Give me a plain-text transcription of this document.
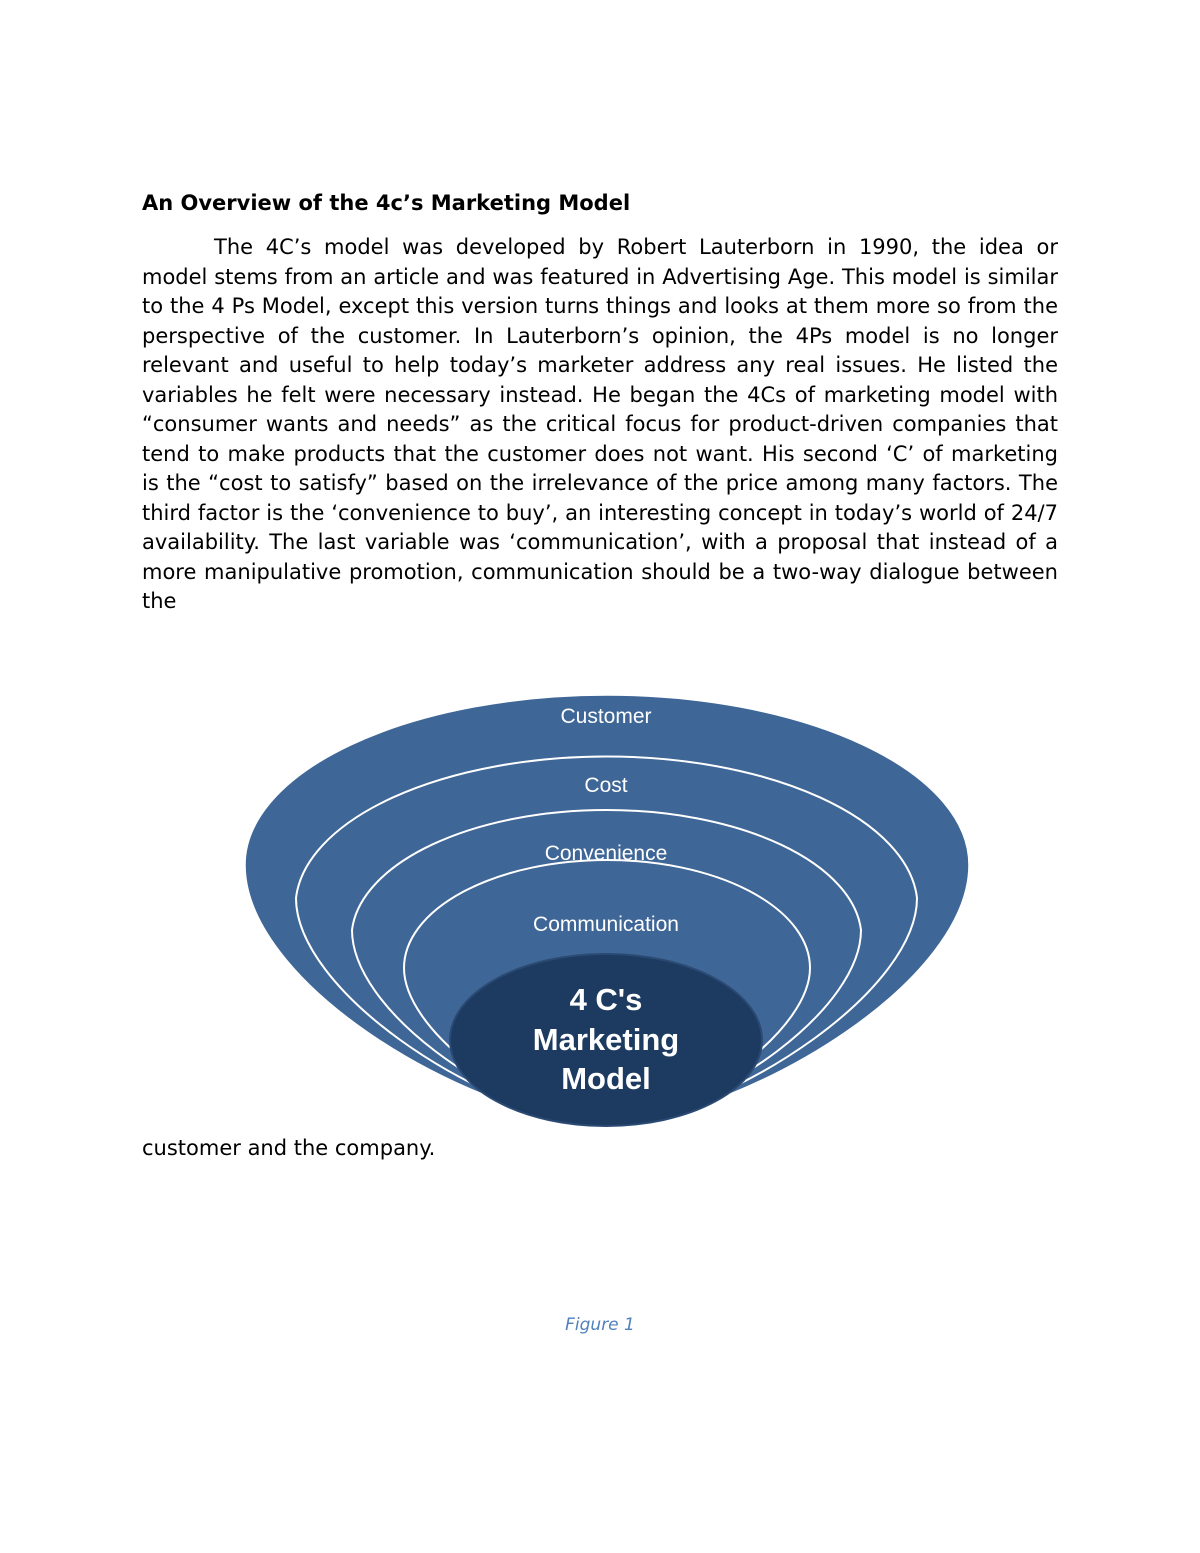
An Overview of the 4c’s Marketing Model

The 4C’s model was developed by Robert Lauterborn in 1990, the idea or model stems from an article and was featured in Advertising Age. This model is similar to the 4 Ps Model, except this version turns things and looks at them more so from the perspective of the customer. In Lauterborn’s opinion, the 4Ps model is no longer relevant and useful to help today’s marketer address any real issues. He listed the variables he felt were necessary instead. He began the 4Cs of marketing model with “consumer wants and needs” as the critical focus for product-driven companies that tend to make products that the customer does not want. His second ‘C’ of marketing is the “cost to satisfy” based on the irrelevance of the price among many factors. The third factor is the ‘convenience to buy’, an interesting concept in today’s world of 24/7 availability. The last variable was ‘communication’, with a proposal that instead of a more manipulative promotion, communication should be a two-way dialogue between the

Customer
Cost
Convenience
Communication
4 C's
Marketing
Model
customer and the company.
Figure 1
